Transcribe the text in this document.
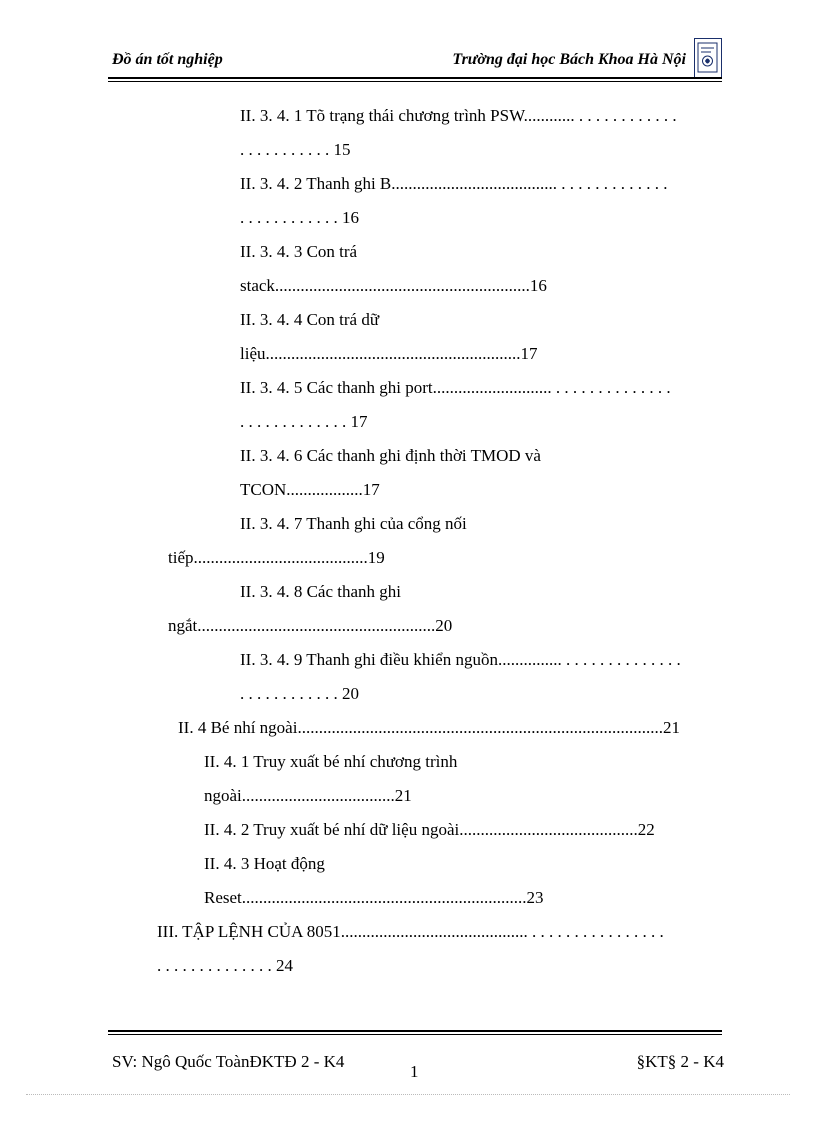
Đồ án tốt nghiệp	Trường đại học Bách Khoa Hà Nội
II. 3. 4. 1 Tõ trạng thái chương trình PSW............ . . . . . . . . . . . .
. . . . . . . . . . . 15
II. 3. 4. 2 Thanh ghi B....................................... . . . . . . . . . . . . .
. . . . . . . . . . . . 16
II. 3. 4. 3 Con trá
stack............................................................16
II. 3. 4. 4 Con trá dữ
liệu............................................................17
II. 3. 4. 5 Các thanh ghi port............................ . . . . . . . . . . . . . .
. . . . . . . . . . . . . 17
II. 3. 4. 6 Các thanh ghi định thời TMOD và
TCON..................17
II. 3. 4. 7 Thanh ghi của cổng nối
tiếp.........................................19
II. 3. 4. 8 Các thanh ghi
ngắt........................................................20
II. 3. 4. 9 Thanh ghi điều khiển nguồn............... . . . . . . . . . . . . . .
. . . . . . . . . . . . 20
II. 4 Bé nhí ngoài......................................................................................21
II. 4. 1 Truy xuất bé nhí chương trình
ngoài....................................21
II. 4. 2 Truy xuất bé nhí dữ liệu ngoài..........................................22
II. 4. 3 Hoạt động
Reset...................................................................23
III. TẬP LỆNH CỦA 8051............................................ . . . . . . . . . . . . . . . .
. . . . . . . . . . . . . . 24
SV: Ngô Quốc ToànĐKTĐ 2 - K4
1
§KT§ 2 - K4
